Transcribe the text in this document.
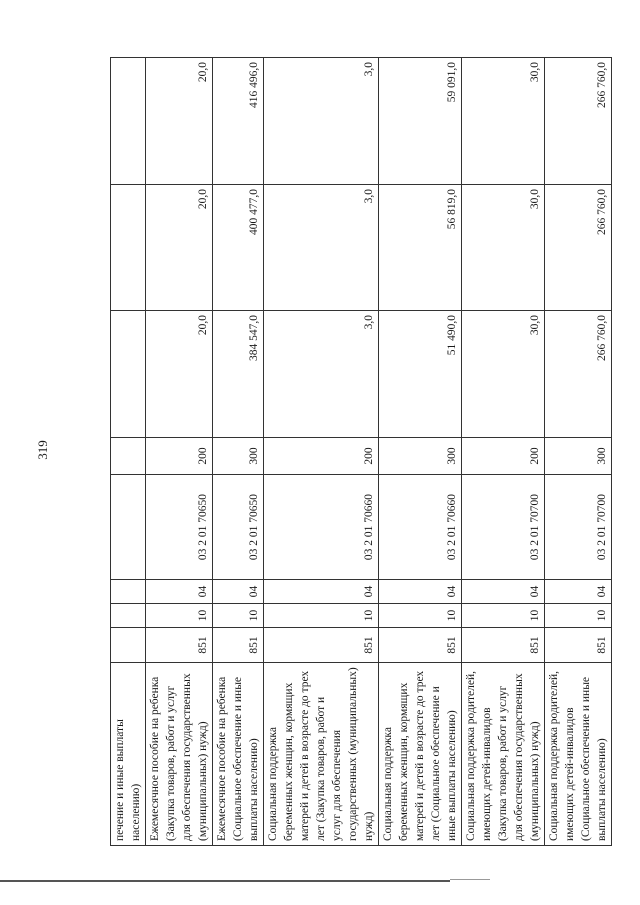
319
печение и иные выплаты населению)								
Ежемесячное пособие на ребенка (Закупка товаров, работ и услуг для обеспечения государственных (муниципальных) нужд)	851	10	04	03 2 01 70650	200	20,0	20,0	20,0
Ежемесячное пособие на ребенка (Социальное обеспечение и иные выплаты населению)	851	10	04	03 2 01 70650	300	384 547,0	400 477,0	416 496,0
Социальная поддержка беременных женщин, кормящих матерей и детей в возрасте до трех лет (Закупка товаров, работ и услуг для обеспечения государственных (муниципальных) нужд)	851	10	04	03 2 01 70660	200	3,0	3,0	3,0
Социальная поддержка беременных женщин, кормящих матерей и детей в возрасте до трех лет (Социальное обеспечение и иные выплаты населению)	851	10	04	03 2 01 70660	300	51 490,0	56 819,0	59 091,0
Социальная поддержка родителей, имеющих детей-инвалидов (Закупка товаров, работ и услуг для обеспечения государственных (муниципальных) нужд)	851	10	04	03 2 01 70700	200	30,0	30,0	30,0
Социальная поддержка родителей, имеющих детей-инвалидов (Социальное обеспечение и иные выплаты населению)	851	10	04	03 2 01 70700	300	266 760,0	266 760,0	266 760,0
